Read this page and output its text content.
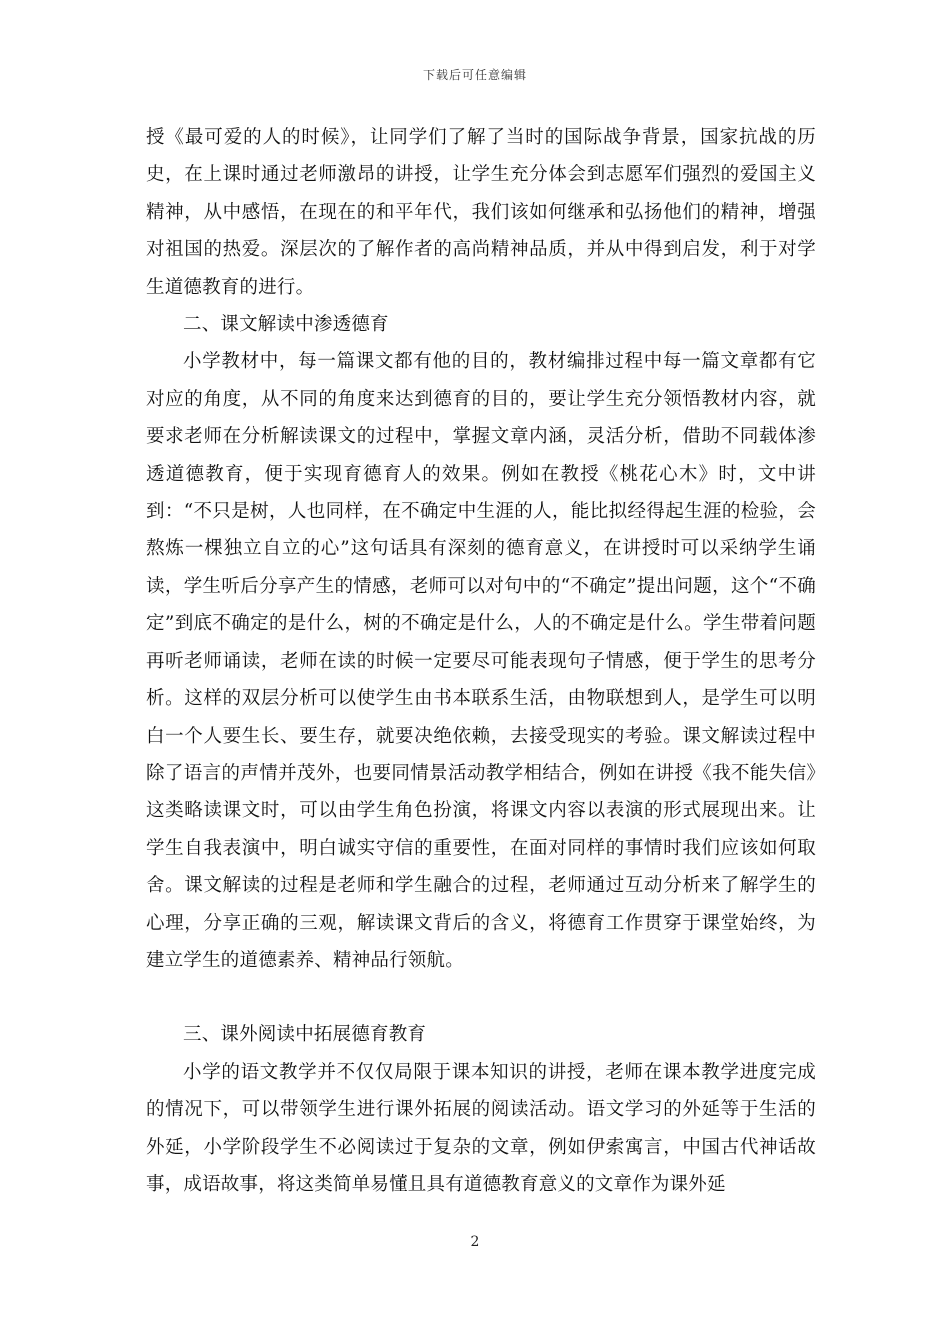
下载后可任意编辑

授《最可爱的人的时候》，让同学们了解了当时的国际战争背景，国家抗战的历史，在上课时通过老师激昂的讲授，让学生充分体会到志愿军们强烈的爱国主义精神，从中感悟，在现在的和平年代，我们该如何继承和弘扬他们的精神，增强对祖国的热爱。深层次的了解作者的高尚精神品质，并从中得到启发，利于对学生道德教育的进行。

二、课文解读中渗透德育

小学教材中，每一篇课文都有他的目的，教材编排过程中每一篇文章都有它对应的角度，从不同的角度来达到德育的目的，要让学生充分领悟教材内容，就要求老师在分析解读课文的过程中，掌握文章内涵，灵活分析，借助不同载体渗透道德教育，便于实现育德育人的效果。例如在教授《桃花心木》时，文中讲到：“不只是树，人也同样，在不确定中生涯的人，能比拟经得起生涯的检验，会熬炼一棵独立自立的心”这句话具有深刻的德育意义，在讲授时可以采纳学生诵读，学生听后分享产生的情感，老师可以对句中的“不确定”提出问题，这个“不确定”到底不确定的是什么，树的不确定是什么，人的不确定是什么。学生带着问题再听老师诵读，老师在读的时候一定要尽可能表现句子情感，便于学生的思考分析。这样的双层分析可以使学生由书本联系生活，由物联想到人，是学生可以明白一个人要生长、要生存，就要决绝依赖，去接受现实的考验。课文解读过程中除了语言的声情并茂外，也要同情景活动教学相结合，例如在讲授《我不能失信》这类略读课文时，可以由学生角色扮演，将课文内容以表演的形式展现出来。让学生自我表演中，明白诚实守信的重要性，在面对同样的事情时我们应该如何取舍。课文解读的过程是老师和学生融合的过程，老师通过互动分析来了解学生的心理，分享正确的三观，解读课文背后的含义，将德育工作贯穿于课堂始终，为建立学生的道德素养、精神品行领航。

三、课外阅读中拓展德育教育

小学的语文教学并不仅仅局限于课本知识的讲授，老师在课本教学进度完成的情况下，可以带领学生进行课外拓展的阅读活动。语文学习的外延等于生活的外延，小学阶段学生不必阅读过于复杂的文章，例如伊索寓言，中国古代神话故事，成语故事，将这类简单易懂且具有道德教育意义的文章作为课外延

2
